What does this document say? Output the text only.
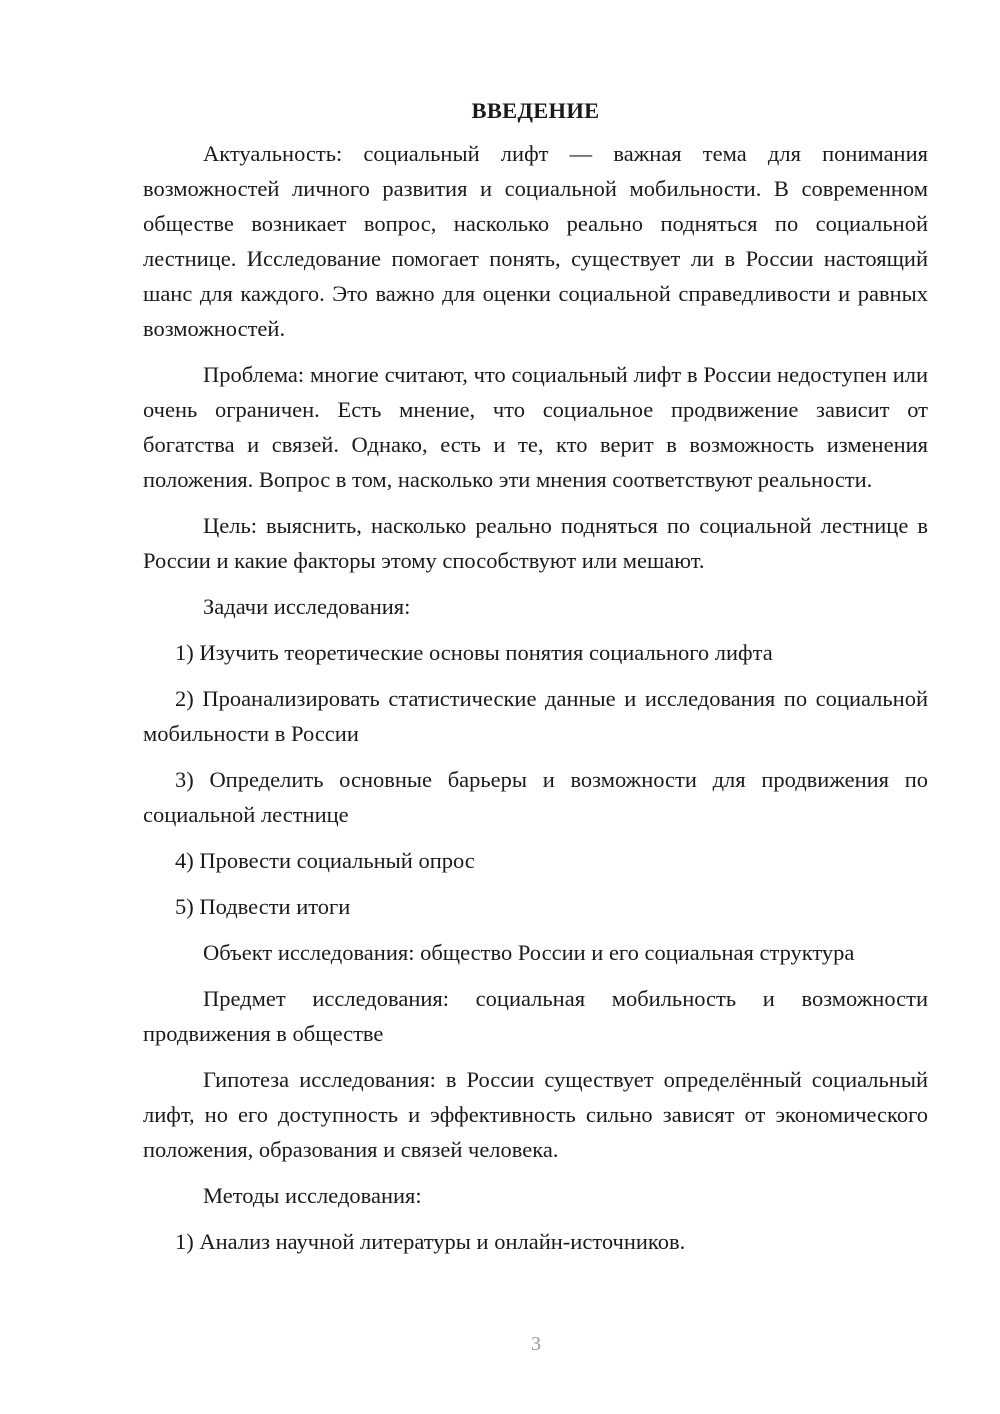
ВВЕДЕНИЕ

Актуальность: социальный лифт — важная тема для понимания возможностей личного развития и социальной мобильности. В современном обществе возникает вопрос, насколько реально подняться по социальной лестнице. Исследование помогает понять, существует ли в России настоящий шанс для каждого. Это важно для оценки социальной справедливости и равных возможностей.

Проблема: многие считают, что социальный лифт в России недоступен или очень ограничен. Есть мнение, что социальное продвижение зависит от богатства и связей. Однако, есть и те, кто верит в возможность изменения положения. Вопрос в том, насколько эти мнения соответствуют реальности.

Цель: выяснить, насколько реально подняться по социальной лестнице в России и какие факторы этому способствуют или мешают.

Задачи исследования:

1) Изучить теоретические основы понятия социального лифта

2) Проанализировать статистические данные и исследования по социальной мобильности в России

3) Определить основные барьеры и возможности для продвижения по социальной лестнице

4) Провести социальный опрос

5) Подвести итоги

Объект исследования: общество России и его социальная структура

Предмет исследования: социальная мобильность и возможности продвижения в обществе

Гипотеза исследования: в России существует определённый социальный лифт, но его доступность и эффективность сильно зависят от экономического положения, образования и связей человека.

Методы исследования:

1) Анализ научной литературы и онлайн-источников.

3
